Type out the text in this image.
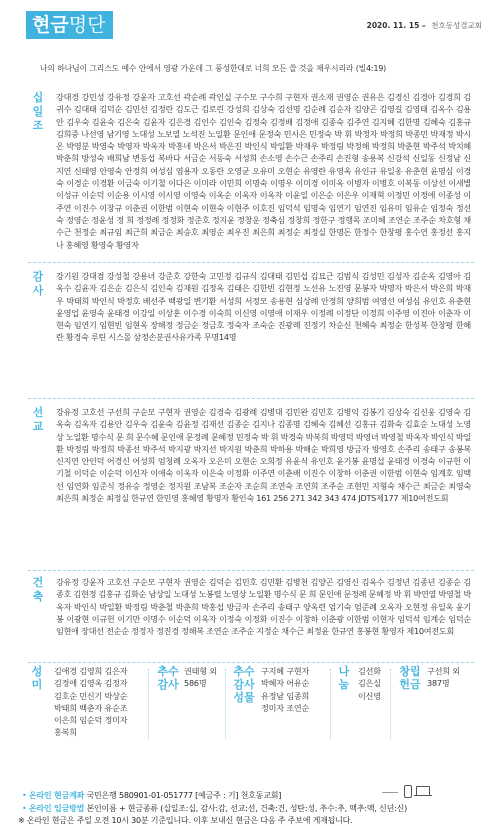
현금명단	2020. 11. 15 – 천호동성결교회
나의 하나님이 그리스도 예수 안에서 영광 가운데 그 풍성한대로 너희 모든 쓸 것을 채우시리라 (빌4:19)
십
일
조
강대경 강민성 강유정 강윤자 고호선 곽순례 곽인실 구수모 구수희 구현자 권소재 권영순 권유은 김경신 김경아 김경희 김귀수 김대태 김덕순 김민선 김정란 김도근 김로린 강성희 김상숙 김선명 김순례 김순자 김양곤 김영길 김영태 김옥수 김용안 김우숙 김윤숙 김은숙 김윤자 김은경 김인수 김인숙 김정숙 김정배 김정애 김종숙 김주연 김지혜 김한명 김혜숙 김홍규 김희중 나선영 남기영 노대성 노보열 노석진 노일환 문인애 문정숙 민시은 민정숙 박 휘 박정자 박정희 박종민 박재정 박시온 박영분 박영숙 박영자 박옥자 박흥네 박은서 박은진 박인식 박일환 박재우 박정림 박정해 박정희 박춘현 박주석 박치혜 박춘희 방성숙 배희남 변동섭 복바다 서금순 서동숙 서성희 손소영 손수근 손주리 손진형 송용복 신강석 신일동 신정남 신지연 신태영 안영숙 안정희 여성심 염용자 오동란 오영균 오유미 오현순 유영란 유영옥 유인규 유일옹 유춘현 윤명심 이경숙 이경순 이경환 이금숙 이기철 이다은 이미라 이민희 이명숙 이명우 이미경 이미옥 이병자 이병호 이복동 이상선 이새별 이성규 이순덕 이순용 이시영 이시영 이영숙 이옥순 이옥자 이옥자 이윤일 이은순 이은우 이재혁 이정민 이정애 이종성 이주연 이진수 이창규 이춘권 이한범 이현숙 이현숙 이현주 이호진 임덕석 임명숙 임연기 임연진 임유미 임유순 임정숙 정선숙 정영순 정윤성 정 희 정정례 정정화 정준호 정지윤 정창운 정축심 정창희 정한구 정행목 조미혜 조연순 조주순 차호형 채수근 천정순 최규임 최근희 최금순 최승호 최영순 최우진 최은희 최정순 최정실 한명돈 한정수 한창평 홍수연 홍정선 홍지나 홍혜영 황영숙 황영자
감
사
강기원 강대겸 강성철 강용녀 강준호 강한숙 고민정 김규식 김대태 김민섭 김묘근 김범식 김성민 김성자 김순옥 김영아 김옥수 김윤자 김은순 김은식 김인숙 김재원 김정옥 김태은 김한빈 김현정 노선유 노진영 문봉자 박명자 박은서 박은희 박재우 박태희 박인식 박정호 배선주 백광일 변기환 서성희 서정모 송용현 심상례 안정희 양희범 여영선 여성심 유인호 유춘현 윤영업 윤영숙 윤태경 이강일 이상훈 이수경 이숙희 이신영 이영애 이재우 이정례 이정단 이정희 이주영 이진아 이춘자 이현숙 임연기 임현빈 임현옥 장해정 정금순 정금호 정숙자 조숙순 진광례 진정기 차순신 천혜숙 최정순 한성복 한창평 한혜란 황경숙 루틴 시스몰 삼정손분권사유가족 무명14명
선
교
강유정 고호선 구선희 구순모 구현자 권영순 김경숙 김광례 김병대 김민완 김민호 김병익 김봉기 김상숙 김신웅 김영숙 김옥숙 김옥자 김용안 김우숙 김윤숙 김윤정 김재선 김종순 김지나 김종명 김혜숙 김혜선 김홍규 김화숙 김효순 노대성 노영상 노일환 명수식 문 희 문수혜 문인애 문정례 문혜정 민정숙 박 휘 박경숙 박복희 박영덕 박영녀 박영철 박옥자 박인식 박일환 박정림 박정희 박종선 박주석 박지광 박지선 박지원 박춘희 박하용 박해순 박희영 방금자 방영호 손주리 송태구 송봉복 신지연 안인덕 어경신 어성희 엄청례 오옥자 오은미 오현순 오희정 유윤식 유인호 윤기봉 윤명섭 윤태경 이경숙 이규헌 이기철 이덕순 이순덕 이신자 이애숙 이옥자 이은숙 이정화 이주연 이춘배 이진수 이창하 이춘권 이한범 이현숙 임계호 임백선 임연화 임준식 정유승 정영순 정지원 조남복 조순자 조순희 조연숙 조연희 조주순 조현민 지형숙 채수근 최금순 최영숙 최은희 최정순 최정실 한규연 한민영 홍혜영 황명자 황인숙 161 256 271 342 343 474 JDTS제177 제10여전도회
건
축
강유정 강윤자 고호선 구순모 구현자 권영순 김덕순 김민호 김민환 김병천 김양곤 김영신 김옥수 김정년 김종년 김종순 김종호 김현정 김홍규 김화순 남상일 노대성 노봉렬 노영상 노일환 명수식 문 희 문인애 문정례 문혜정 박 휘 박연열 박영철 박옥자 박인식 박일환 박정림 박춘철 박춘희 박홍섭 방금자 손주리 송태구 양옥련 엄기숙 엄준례 오옥자 오현정 유일옥 윤기봉 이광현 이규헌 이기만 이명수 이순덕 이옥자 이정숙 이정화 이진수 이창하 이춘광 이한범 이현자 임덕석 임계순 임덕순 임현애 장대선 전순순 정정자 정진경 정해복 조연순 조주순 지정순 채수근 최정윤 한규연 홍봉현 황영자 제10여전도회
성
미
김애경 김영희 김은자
김정애 김영옥 김정자
김호순 민신기 박상순
박태희 백춘자 유순조
이은희 임순덕 정미자
홍복희
추수
감사
권태형 외
586명
추수
감사
성물
구지혜 구현자
박혜자 어유순
유정남 임종희
정미자 조연순
나
눔
김선화
김은실
이신영
창립
헌금
구선희 외
387명
• 온라인 현금계좌 국민은행 580901-01-051777 [예금주 : 기] 천호동교회]
• 온라인 입금방법 본인이름 + 현금종류 (십일조:십, 감사:감, 선교:선, 건축:건, 성탄:성, 추수:추, 맥추:맥, 신년:신)
※ 온라인 현금은 주일 오전 10시 30분 기준입니다. 이후 보내신 현금은 다음 주 주보에 게재됩니다.
